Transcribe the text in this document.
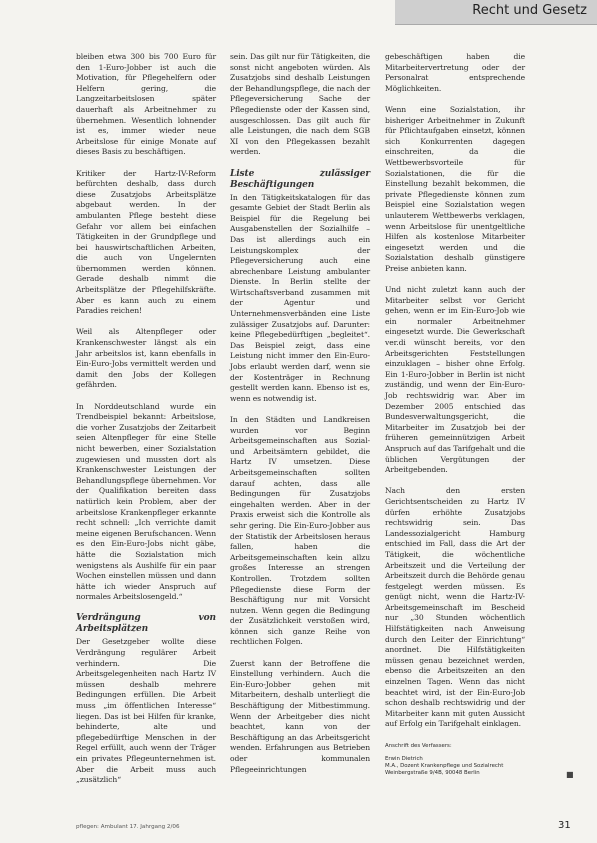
Recht und Gesetz

bleiben etwa 300 bis 700 Euro für den 1-Euro-Jobber ist auch die Motivation, für Pflegehelfern oder Helfern gering, die Langzeitarbeitslosen später dauerhaft als Arbeitnehmer zu übernehmen. Wesentlich lohnender ist es, immer wieder neue Arbeitslose für einige Monate auf dieses Basis zu beschäftigen.

Kritiker der Hartz-IV-Reform befürchten deshalb, dass durch diese Zusatzjobs Arbeitsplätze abgebaut werden. In der ambulanten Pflege besteht diese Gefahr vor allem bei einfachen Tätigkeiten in der Grundpflege und bei hauswirtschaftlichen Arbeiten, die auch von Ungelernten übernommen werden können. Gerade deshalb nimmt die Arbeitsplätze der Pflegehilfskräfte. Aber es kann auch zu einem Paradies reichen!

Weil als Altenpfleger oder Krankenschwester längst als ein Jahr arbeitslos ist, kann ebenfalls in Ein-Euro-Jobs vermittelt werden und damit den Jobs der Kollegen gefährden.

In Norddeutschland wurde ein Trendbeispiel bekannt: Arbeitslose, die vorher Zusatzjobs der Zeitarbeit seien Altenpfleger für eine Stelle nicht bewerben, einer Sozialstation zugewiesen und mussten dort als Krankenschwester Leistungen der Behandlungspflege übernehmen. Vor der Qualifikation bereiten dass natürlich kein Problem, aber der arbeitslose Krankenpfleger erkannte recht schnell: „Ich verrichte damit meine eigenen Berufschancen. Wenn es den Ein-Euro-Jobs nicht gäbe, hätte die Sozialstation mich wenigstens als Aushilfe für ein paar Wochen einstellen müssen und dann hätte ich wieder Anspruch auf normales Arbeitslosengeld.“

Verdrängung von Arbeitsplätzen

Der Gesetzgeber wollte diese Verdrängung regulärer Arbeit verhindern. Die Arbeitsgelegenheiten nach Hartz IV müssen deshalb mehrere Bedingungen erfüllen. Die Arbeit muss „im öffentlichen Interesse“ liegen. Das ist bei Hilfen für kranke, behinderte, alte und pflegebedürftige Menschen in der Regel erfüllt, auch wenn der Träger ein privates Pflegeunternehmen ist. Aber die Arbeit muss auch „zusätzlich“

sein. Das gilt nur für Tätigkeiten, die sonst nicht angeboten würden. Als Zusatzjobs sind deshalb Leistungen der Behandlungspflege, die nach der Pflegeversicherung Sache der Pflegedienste oder der Kassen sind, ausgeschlossen. Das gilt auch für alle Leistungen, die nach dem SGB XI von den Pflegekassen bezahlt werden.

Liste zulässiger Beschäftigungen

In den Tätigkeitskatalogen für das gesamte Gebiet der Stadt Berlin als Beispiel für die Regelung bei Ausgabenstellen der Sozialhilfe – Das ist allerdings auch ein Leistungskomplex der Pflegeversicherung auch eine abrechenbare Leistung ambulanter Dienste. In Berlin stellte der Wirtschaftsverband zusammen mit der Agentur und Unternehmensverbänden eine Liste zulässiger Zusatzjobs auf. Darunter: keine Pflegebedürftigen „begleitet“. Das Beispiel zeigt, dass eine Leistung nicht immer den Ein-Euro-Jobs erlaubt werden darf, wenn sie der Kostenträger in Rechnung gestellt werden kann. Ebenso ist es, wenn es notwendig ist.

In den Städten und Landkreisen wurden vor Beginn Arbeitsgemeinschaften aus Sozial- und Arbeitsämtern gebildet, die Hartz IV umsetzen. Diese Arbeitsgemeinschaften sollten darauf achten, dass alle Bedingungen für Zusatzjobs eingehalten werden. Aber in der Praxis erweist sich die Kontrolle als sehr gering. Die Ein-Euro-Jobber aus der Statistik der Arbeitslosen heraus fallen, haben die Arbeitsgemeinschaften kein allzu großes Interesse an strengen Kontrollen. Trotzdem sollten Pflegedienste diese Form der Beschäftigung nur mit Vorsicht nutzen. Wenn gegen die Bedingung der Zusätzlichkeit verstoßen wird, können sich ganze Reihe von rechtlichen Folgen.

Zuerst kann der Betroffene die Einstellung verhindern. Auch die Ein-Euro-Jobber gehen mit Mitarbeitern, deshalb unterliegt die Beschäftigung der Mitbestimmung. Wenn der Arbeitgeber dies nicht beachtet, kann von der Beschäftigung an das Arbeitsgericht wenden. Erfahrungen aus Betrieben oder kommunalen Pflegeeinrichtungen

gebeschäftigen haben die Mitarbeitervertretung oder der Personalrat entsprechende Möglichkeiten.

Wenn eine Sozialstation, ihr bisheriger Arbeitnehmer in Zukunft für Pflichtaufgaben einsetzt, können sich Konkurrenten dagegen einschreiten, da die Wettbewerbsvorteile für Sozialstationen, die für die Einstellung bezahlt bekommen, die private Pflegedienste können zum Beispiel eine Sozialstation wegen unlauterem Wettbewerbs verklagen, wenn Arbeitslose für unentgeltliche Hilfen als kostenlose Mitarbeiter eingesetzt werden und die Sozialstation deshalb günstigere Preise anbieten kann.

Und nicht zuletzt kann auch der Mitarbeiter selbst vor Gericht gehen, wenn er im Ein-Euro-Job wie ein normaler Arbeitnehmer eingesetzt wurde. Die Gewerkschaft ver.di wünscht bereits, vor den Arbeitsgerichten Feststellungen einzuklagen – bisher ohne Erfolg. Ein 1-Euro-Jobber in Berlin ist nicht zuständig, und wenn der Ein-Euro-Job rechtswidrig war. Aber im Dezember 2005 entschied das Bundesverwaltungsgericht, die Mitarbeiter im Zusatzjob bei der früheren gemeinnützigen Arbeit Anspruch auf das Tarifgehalt und die üblichen Vergütungen der Arbeitgebenden.

Nach den ersten Gerichtsentscheiden zu Hartz IV dürfen erhöhte Zusatzjobs rechtswidrig sein. Das Landessozialgericht Hamburg entschied im Fall, dass die Art der Tätigkeit, die wöchentliche Arbeitszeit und die Verteilung der Arbeitszeit durch die Behörde genau festgelegt werden müssen. Es genügt nicht, wenn die Hartz-IV-Arbeitsgemeinschaft im Bescheid nur „30 Stunden wöchentlich Hilfstätigkeiten nach Anweisung durch den Leiter der Einrichtung“ anordnet. Die Hilfstätigkeiten müssen genau bezeichnet werden, ebenso die Arbeitszeiten an den einzelnen Tagen. Wenn das nicht beachtet wird, ist der Ein-Euro-Job schon deshalb rechtswidrig und der Mitarbeiter kann mit guten Aussicht auf Erfolg ein Tarifgehalt einklagen.

Anschrift des Verfassers:
Erwin Dietrich
M.A., Dozent Krankenpflege und Sozialrecht
Weinbergstraße 9/4B, 90048 Berlin	■
pflegen: Ambulant 17. Jahrgang 2/06	31
